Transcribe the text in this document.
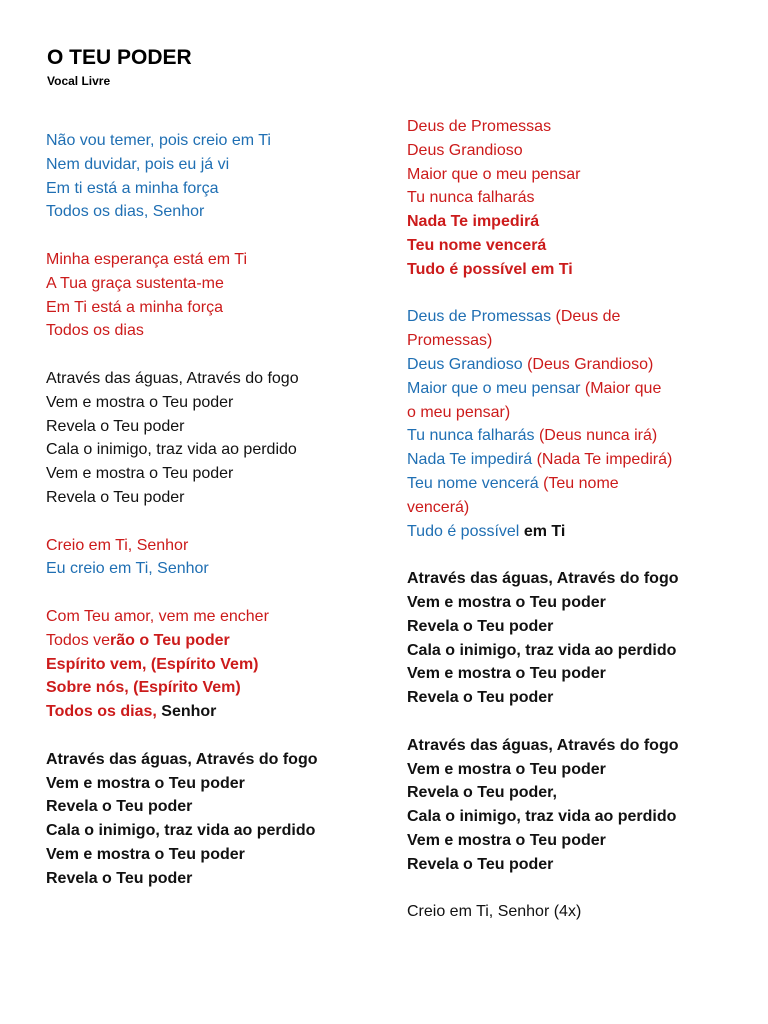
O TEU PODER
Vocal Livre
Não vou temer, pois creio em Ti
Nem duvidar, pois eu já vi
Em ti está a minha força
Todos os dias, Senhor
Minha esperança está em Ti
A Tua graça sustenta-me
Em Ti está a minha força
Todos os dias
Através das águas, Através do fogo
Vem e mostra o Teu poder
Revela o Teu poder
Cala o inimigo, traz vida ao perdido
Vem e mostra o Teu poder
Revela o Teu poder
Creio em Ti, Senhor
Eu creio em Ti, Senhor
Com Teu amor, vem me encher
Todos verão o Teu poder
Espírito vem, (Espírito Vem)
Sobre nós, (Espírito Vem)
Todos os dias, Senhor
Através das águas, Através do fogo
Vem e mostra o Teu poder
Revela o Teu poder
Cala o inimigo, traz vida ao perdido
Vem e mostra o Teu poder
Revela o Teu poder
Deus de Promessas
Deus Grandioso
Maior que o meu pensar
Tu nunca falharás
Nada Te impedirá
Teu nome vencerá
Tudo é possível em Ti
Deus de Promessas (Deus de
Promessas)
Deus Grandioso (Deus Grandioso)
Maior que o meu pensar (Maior que
o meu pensar)
Tu nunca falharás (Deus nunca irá)
Nada Te impedirá (Nada Te impedirá)
Teu nome vencerá (Teu nome
vencerá)
Tudo é possível em Ti
Através das águas, Através do fogo
Vem e mostra o Teu poder
Revela o Teu poder
Cala o inimigo, traz vida ao perdido
Vem e mostra o Teu poder
Revela o Teu poder
Através das águas, Através do fogo
Vem e mostra o Teu poder
Revela o Teu poder,
Cala o inimigo, traz vida ao perdido
Vem e mostra o Teu poder
Revela o Teu poder
Creio em Ti, Senhor (4x)
